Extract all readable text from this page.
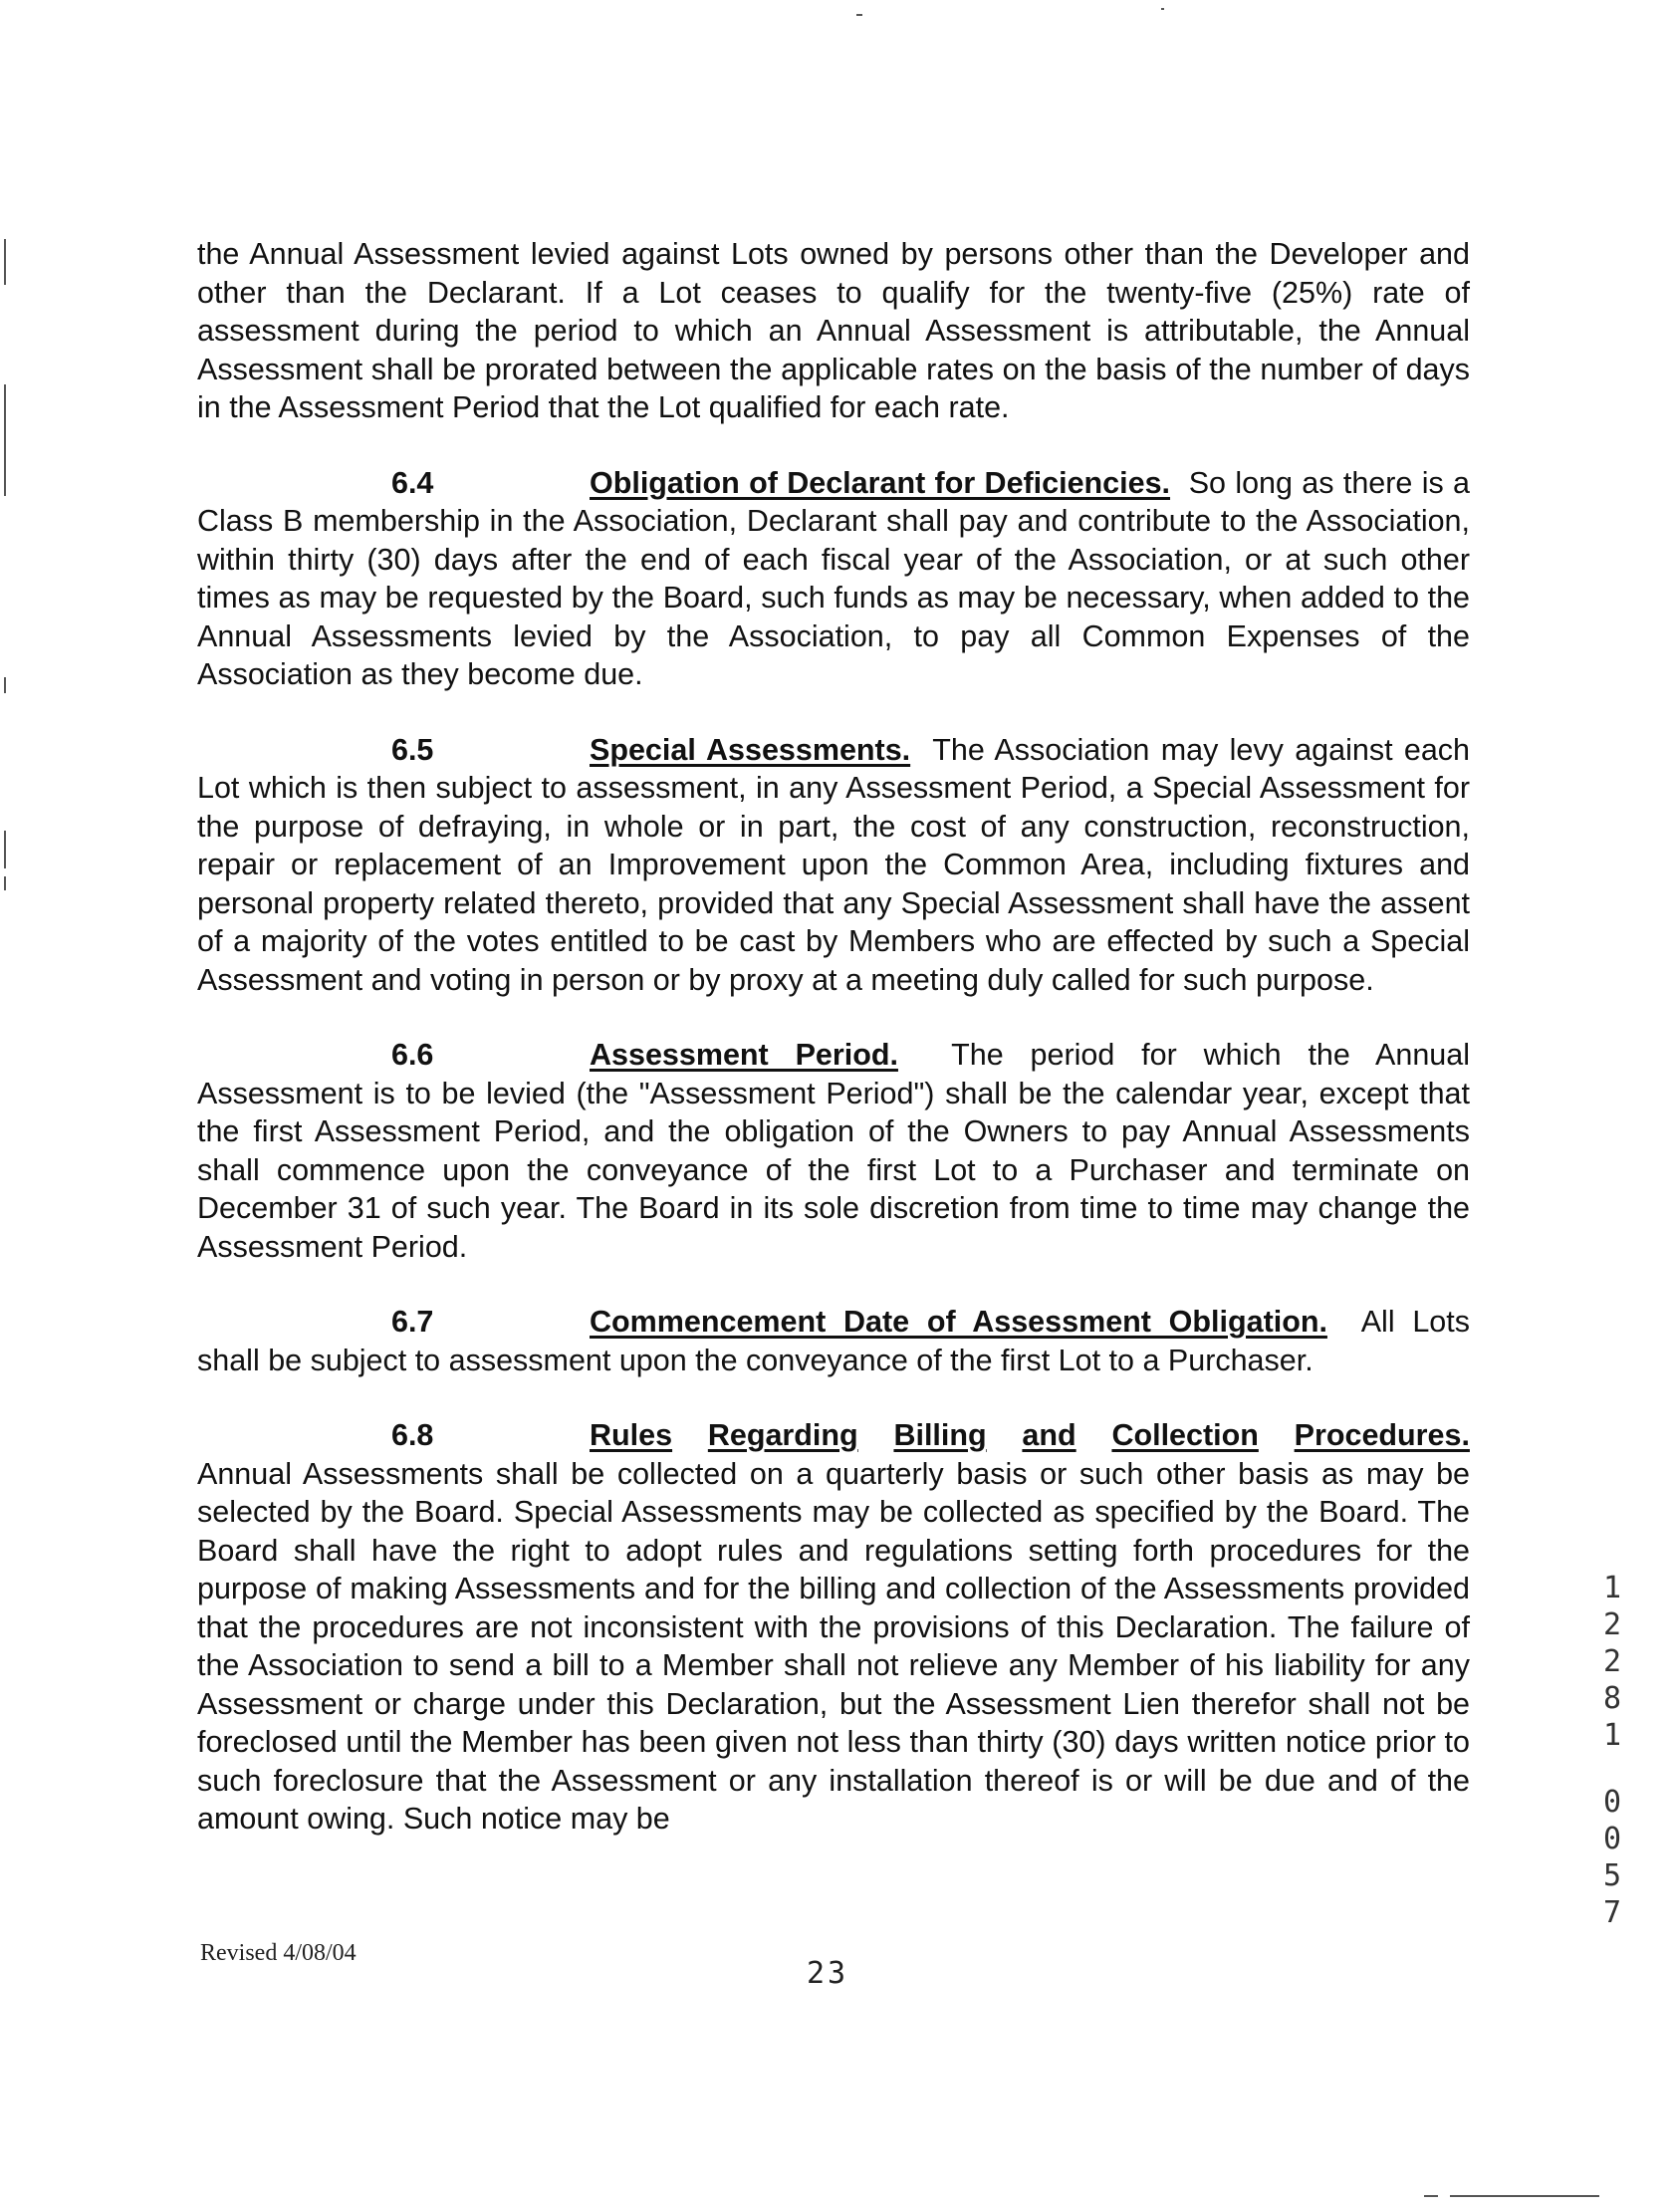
the Annual Assessment levied against Lots owned by persons other than the Developer and other than the Declarant. If a Lot ceases to qualify for the twenty-five (25%) rate of assessment during the period to which an Annual Assessment is attributable, the Annual Assessment shall be prorated between the applicable rates on the basis of the number of days in the Assessment Period that the Lot qualified for each rate.

6.4	Obligation of Declarant for Deficiencies. So long as there is a Class B membership in the Association, Declarant shall pay and contribute to the Association, within thirty (30) days after the end of each fiscal year of the Association, or at such other times as may be requested by the Board, such funds as may be necessary, when added to the Annual Assessments levied by the Association, to pay all Common Expenses of the Association as they become due.

6.5	Special Assessments. The Association may levy against each Lot which is then subject to assessment, in any Assessment Period, a Special Assessment for the purpose of defraying, in whole or in part, the cost of any construction, reconstruction, repair or replacement of an Improvement upon the Common Area, including fixtures and personal property related thereto, provided that any Special Assessment shall have the assent of a majority of the votes entitled to be cast by Members who are effected by such a Special Assessment and voting in person or by proxy at a meeting duly called for such purpose.

6.6	Assessment Period. The period for which the Annual Assessment is to be levied (the "Assessment Period") shall be the calendar year, except that the first Assessment Period, and the obligation of the Owners to pay Annual Assessments shall commence upon the conveyance of the first Lot to a Purchaser and terminate on December 31 of such year. The Board in its sole discretion from time to time may change the Assessment Period.

6.7	Commencement Date of Assessment Obligation. All Lots shall be subject to assessment upon the conveyance of the first Lot to a Purchaser.

6.8	Rules Regarding Billing and Collection Procedures.
Annual Assessments shall be collected on a quarterly basis or such other basis as may be selected by the Board. Special Assessments may be collected as specified by the Board. The Board shall have the right to adopt rules and regulations setting forth procedures for the purpose of making Assessments and for the billing and collection of the Assessments provided that the procedures are not inconsistent with the provisions of this Declaration. The failure of the Association to send a bill to a Member shall not relieve any Member of his liability for any Assessment or charge under this Declaration, but the Assessment Lien therefor shall not be foreclosed until the Member has been given not less than thirty (30) days written notice prior to such foreclosure that the Assessment or any installation thereof is or will be due and of the amount owing. Such notice may be
Revised 4/08/04
23
1
2
2
8
1
0
0
5
7
